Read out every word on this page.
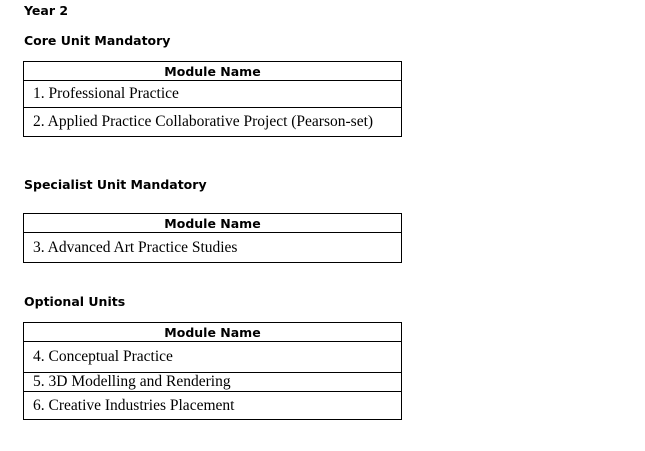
Year 2
Core Unit Mandatory
Module Name
1. Professional Practice
2. Applied Practice Collaborative Project (Pearson-set)
Specialist Unit Mandatory
Module Name
3. Advanced Art Practice Studies
Optional Units
Module Name
4. Conceptual Practice
5. 3D Modelling and Rendering
6. Creative Industries Placement
